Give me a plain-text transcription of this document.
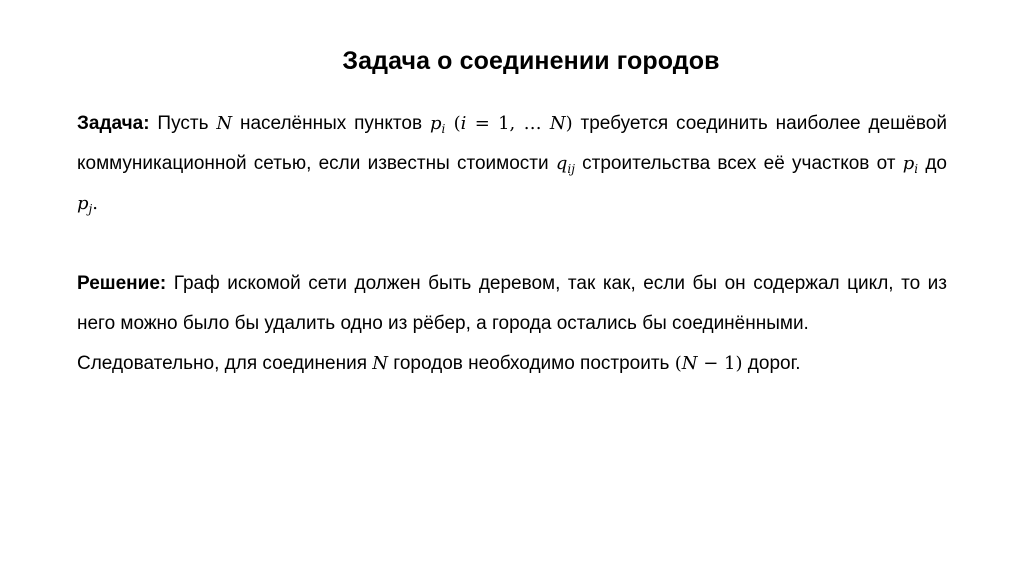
Задача о соединении городов

Задача: Пусть N населённых пунктов $p_i$ (i = 1, … N) требуется соединить наиболее дешёвой коммуникационной сетью, если известны стоимости $q_{ij}$ строительства всех её участков от $p_i$ до $p_j$.

Решение: Граф искомой сети должен быть деревом, так как, если бы он содержал цикл, то из него можно было бы удалить одно из рёбер, а города остались бы соединёнными.

Следовательно, для соединения N городов необходимо построить (N − 1) дорог.
